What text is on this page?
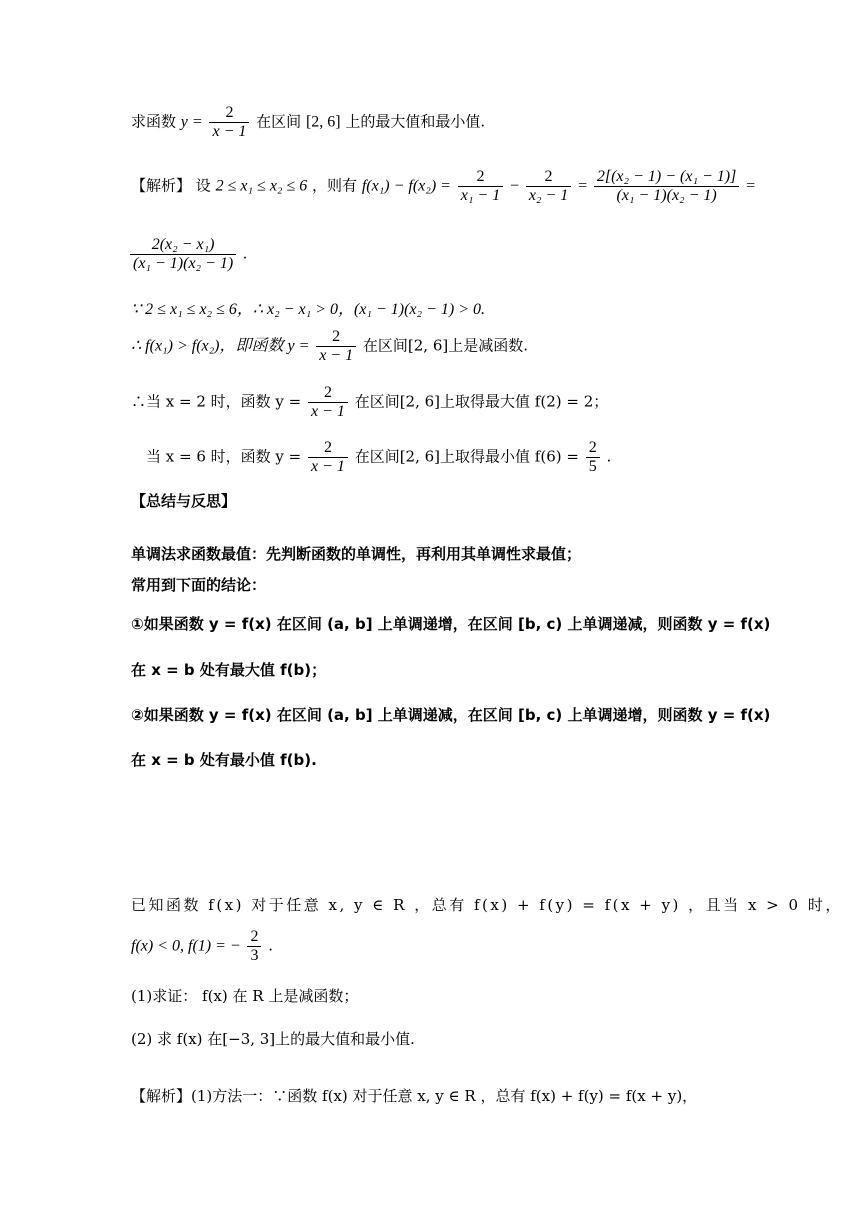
求函数 $y = \frac{2}{x - 1}$ 在区间 [2, 6] 上的最大值和最小值.
【解析】 设 2 ≤ x₁ ≤ x₂ ≤ 6 ，则有 $f(x_1) - f(x_2) = \frac{2}{\text{x₁ − 1}} - \frac{2}{\text{x₂ − 1}} = \frac{\text{2[(x₂ − 1) − (x₁ − 1)]}}{\text{(x₁ − 1)(x₂ − 1)}}$ =
$\frac{\text{2(x₂ − x₁)}}{\text{(x₁ − 1)(x₂ − 1)}}$ .
∵ 2 ≤ x₁ ≤ x₂ ≤ 6，∴ x₂ − x₁ > 0，(x₁ − 1)(x₂ − 1) > 0.
∴ f(x₁) > f(x₂)，即函数 $y = \frac{2}{x - 1}$ 在区间[2, 6]上是减函数.
∴当 x = 2 时，函数 $y = \frac{2}{x - 1}$ 在区间[2, 6]上取得最大值 f(2) = 2；
当 x = 6 时，函数 $y = \frac{2}{x - 1}$ 在区间[2, 6]上取得最小值 $f(6) = \frac{2}{5}$ .
【总结与反思】
单调法求函数最值：先判断函数的单调性，再利用其单调性求最值；
常用到下面的结论：
①如果函数 y = f(x) 在区间 (a, b] 上单调递增，在区间 [b, c) 上单调递减，则函数 y = f(x)
在 x = b 处有最大值 f(b)；
②如果函数 y = f(x) 在区间 (a, b] 上单调递减，在区间 [b, c) 上单调递增，则函数 y = f(x)
在 x = b 处有最小值 f(b).
已知函数 f(x) 对于任意 x, y ∈ R ，总有 f(x) + f(y) = f(x + y) ，且当 x > 0 时，
f(x) < 0, f(1) = − $\frac{2}{3}$ .
(1)求证： f(x) 在 R 上是减函数；
(2) 求 f(x) 在[−3, 3]上的最大值和最小值.
【解析】(1)方法一：∵函数 f(x) 对于任意 x, y ∈ R ，总有 f(x) + f(y) = f(x + y)，
